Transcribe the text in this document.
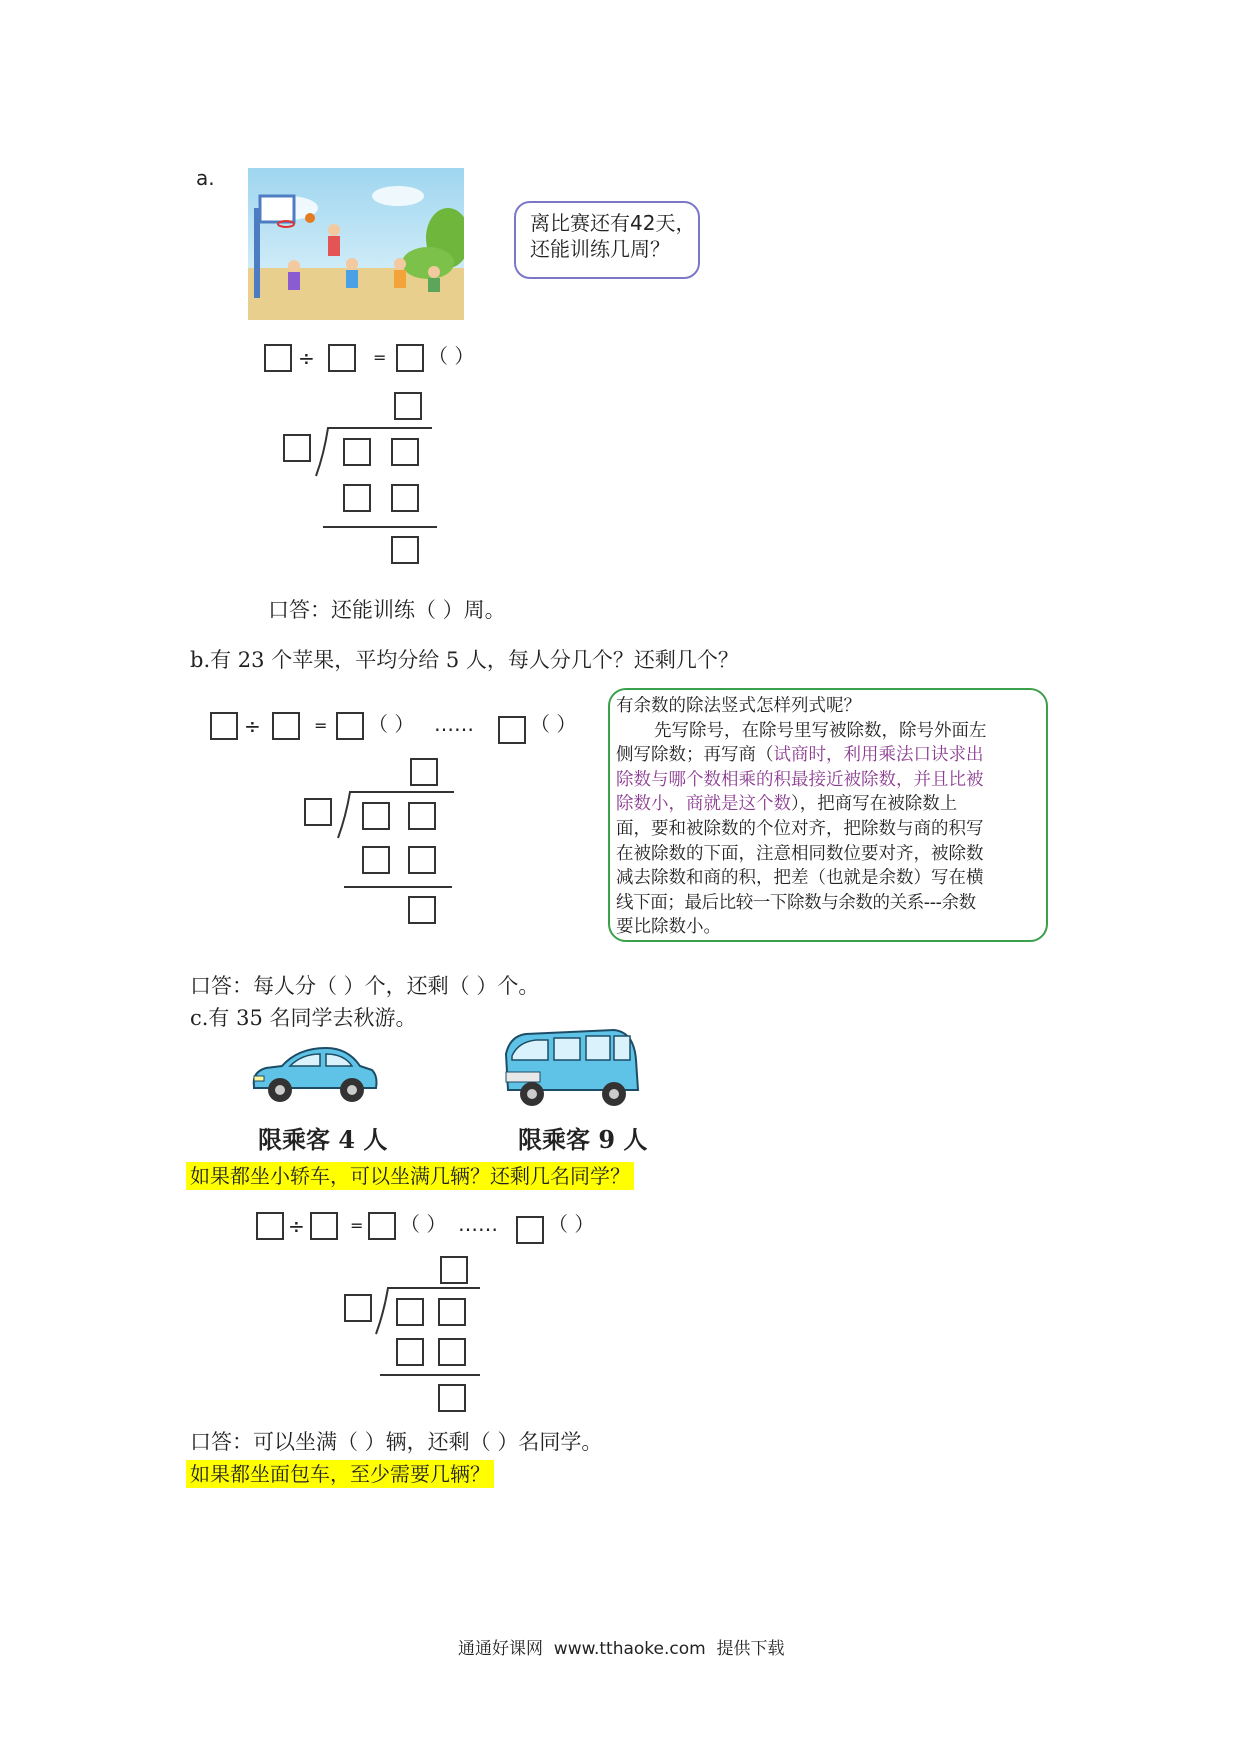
a.
离比赛还有42天，
还能训练几周？
÷	= （ ）
口答：还能训练（ ）周。
b.有 23 个苹果，平均分给 5 人，每人分几个？还剩几个？
÷	= （ ） ……	（ ）
有余数的除法竖式怎样列式呢？
先写除号，在除号里写被除数，除号外面左
侧写除数；再写商（试商时，利用乘法口诀求出
除数与哪个数相乘的积最接近被除数，并且比被
除数小，商就是这个数），把商写在被除数上
面，要和被除数的个位对齐，把除数与商的积写
在被除数的下面，注意相同数位要对齐，被除数
减去除数和商的积，把差（也就是余数）写在横
线下面；最后比较一下除数与余数的关系---余数
要比除数小。
口答：每人分（ ）个，还剩（ ）个。
c.有 35 名同学去秋游。
限乘客 4 人	限乘客 9 人
如果都坐小轿车，可以坐满几辆？还剩几名同学？
÷	= （ ） ……	（ ）
口答：可以坐满（ ）辆，还剩（ ）名同学。
如果都坐面包车，至少需要几辆？
通通好课网  www.tthaoke.com  提供下载
